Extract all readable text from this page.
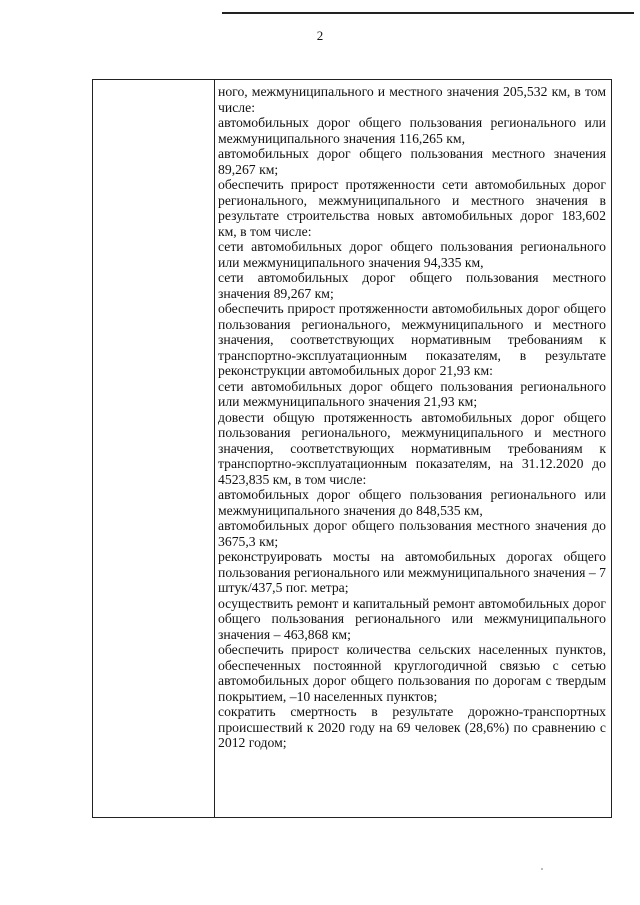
2

ного, межмуниципального и местного значения 205,532 км, в том числе:

автомобильных дорог общего пользования регионального или межмуниципального значения 116,265 км,

автомобильных дорог общего пользования местного значения 89,267 км;

обеспечить прирост протяженности сети автомобильных дорог регионального, межмуниципального и местного значения в результате строительства новых автомобильных дорог 183,602 км, в том числе:

сети автомобильных дорог общего пользования регионального или межмуниципального значения 94,335 км,

сети автомобильных дорог общего пользования местного значения 89,267 км;

обеспечить прирост протяженности автомобильных дорог общего пользования регионального, межмуниципального и местного значения, соответствующих нормативным требованиям к транспортно-эксплуатационным показателям, в результате реконструкции автомобильных дорог 21,93 км:

сети автомобильных дорог общего пользования регионального или межмуниципального значения 21,93 км;

довести общую протяженность автомобильных дорог общего пользования регионального, межмуниципального и местного значения, соответствующих нормативным требованиям к транспортно-эксплуатационным показателям, на 31.12.2020 до 4523,835 км, в том числе:

автомобильных дорог общего пользования регионального или межмуниципального значения до 848,535 км,

автомобильных дорог общего пользования местного значения до 3675,3 км;

реконструировать мосты на автомобильных дорогах общего пользования регионального или межмуниципального значения – 7 штук/437,5 пог. метра;

осуществить ремонт и капитальный ремонт автомобильных дорог общего пользования регионального или межмуниципального значения – 463,868 км;

обеспечить прирост количества сельских населенных пунктов, обеспеченных постоянной круглогодичной связью с сетью автомобильных дорог общего пользования по дорогам с твердым покрытием, –10 населенных пунктов;

сократить смертность в результате дорожно-транспортных происшествий к 2020 году на 69 человек (28,6%) по сравнению с 2012 годом;
